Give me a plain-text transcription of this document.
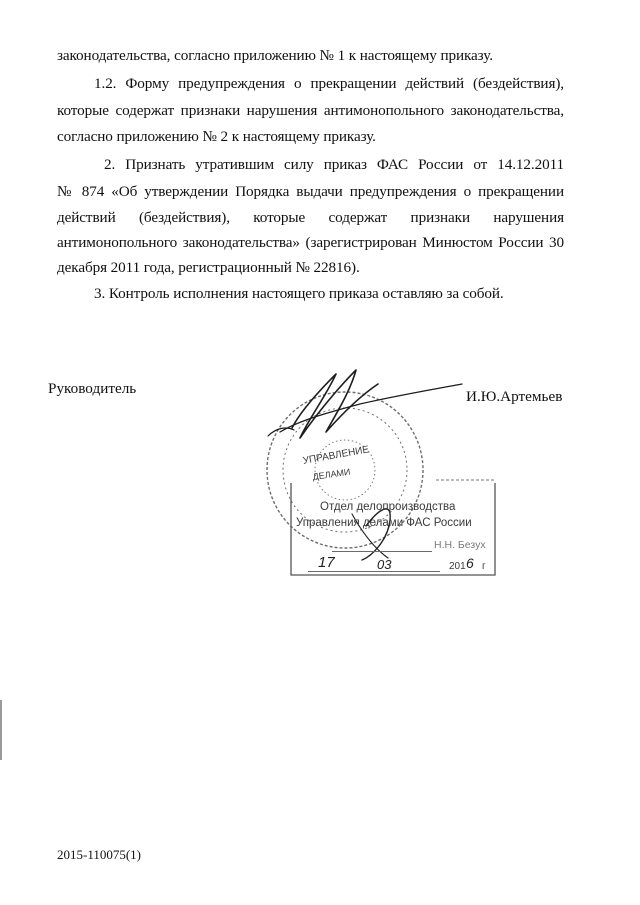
законодательства, согласно приложению № 1 к настоящему приказу.
1.2. Форму предупреждения о прекращении действий (бездействия),
которые содержат признаки нарушения антимонопольного законодательства,
согласно приложению № 2 к настоящему приказу.
2. Признать утратившим силу приказ ФАС России от 14.12.2011
№ 874 «Об утверждении Порядка выдачи предупреждения о прекращении
действий (бездействия), которые содержат признаки нарушения
антимонопольного законодательства» (зарегистрирован Минюстом России 30
декабря 2011 года, регистрационный № 22816).
3. Контроль исполнения настоящего приказа оставляю за собой.
Руководитель	И.Ю.Артемьев
УПРАВЛЕНИЕ
ДЕЛАМИ
Отдел делопроизводства
Управления делами ФАС России
Н.Н. Безух
17	03	201 6 г
2015-110075(1)
